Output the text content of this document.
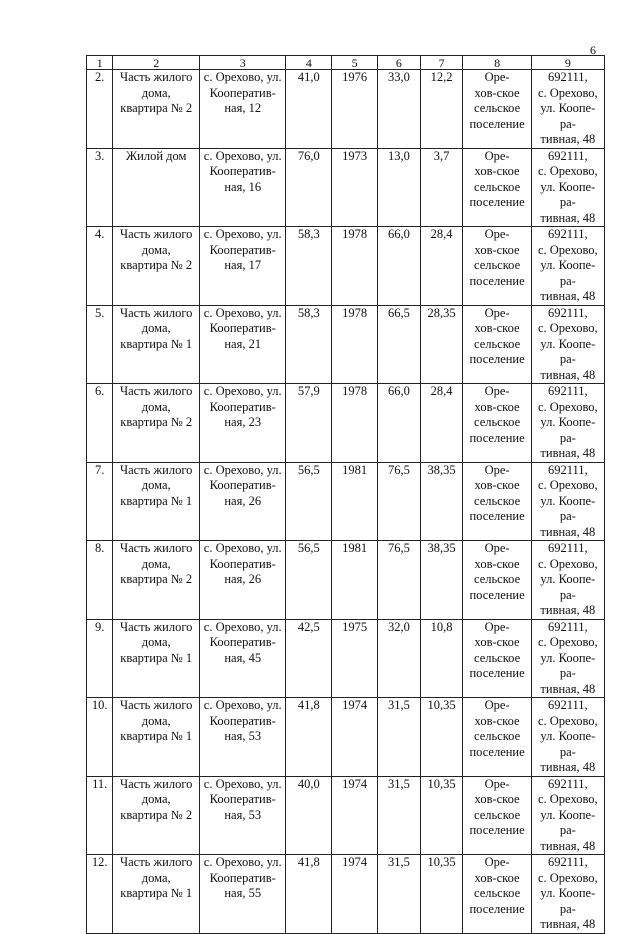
6
1	2	3	4	5	6	7	8	9
2.	Часть жилого
дома,
квартира № 2	с. Орехово, ул.
Кооператив-
ная, 12	41,0	1976	33,0	12,2	Оре-
хов-ское
сельское
поселение	692111,
с. Орехово,
ул. Коопе-ра-
тивная, 48
3.	Жилой дом	с. Орехово, ул.
Кооператив-
ная, 16	76,0	1973	13,0	3,7	Оре-
хов-ское
сельское
поселение	692111,
с. Орехово,
ул. Коопе-ра-
тивная, 48
4.	Часть жилого
дома,
квартира № 2	с. Орехово, ул.
Кооператив-
ная, 17	58,3	1978	66,0	28,4	Оре-
хов-ское
сельское
поселение	692111,
с. Орехово,
ул. Коопе-ра-
тивная, 48
5.	Часть жилого
дома,
квартира № 1	с. Орехово, ул.
Кооператив-
ная, 21	58,3	1978	66,5	28,35	Оре-
хов-ское
сельское
поселение	692111,
с. Орехово,
ул. Коопе-ра-
тивная, 48
6.	Часть жилого
дома,
квартира № 2	с. Орехово, ул.
Кооператив-
ная, 23	57,9	1978	66,0	28,4	Оре-
хов-ское
сельское
поселение	692111,
с. Орехово,
ул. Коопе-ра-
тивная, 48
7.	Часть жилого
дома,
квартира № 1	с. Орехово, ул.
Кооператив-
ная, 26	56,5	1981	76,5	38,35	Оре-
хов-ское
сельское
поселение	692111,
с. Орехово,
ул. Коопе-ра-
тивная, 48
8.	Часть жилого
дома,
квартира № 2	с. Орехово, ул.
Кооператив-
ная, 26	56,5	1981	76,5	38,35	Оре-
хов-ское
сельское
поселение	692111,
с. Орехово,
ул. Коопе-ра-
тивная, 48
9.	Часть жилого
дома,
квартира № 1	с. Орехово, ул.
Кооператив-
ная, 45	42,5	1975	32,0	10,8	Оре-
хов-ское
сельское
поселение	692111,
с. Орехово,
ул. Коопе-ра-
тивная, 48
10.	Часть жилого
дома,
квартира № 1	с. Орехово, ул.
Кооператив-
ная, 53	41,8	1974	31,5	10,35	Оре-
хов-ское
сельское
поселение	692111,
с. Орехово,
ул. Коопе-ра-
тивная, 48
11.	Часть жилого
дома,
квартира № 2	с. Орехово, ул.
Кооператив-
ная, 53	40,0	1974	31,5	10,35	Оре-
хов-ское
сельское
поселение	692111,
с. Орехово,
ул. Коопе-ра-
тивная, 48
12.	Часть жилого
дома,
квартира № 1	с. Орехово, ул.
Кооператив-
ная, 55	41,8	1974	31,5	10,35	Оре-
хов-ское
сельское
поселение	692111,
с. Орехово,
ул. Коопе-ра-
тивная, 48
